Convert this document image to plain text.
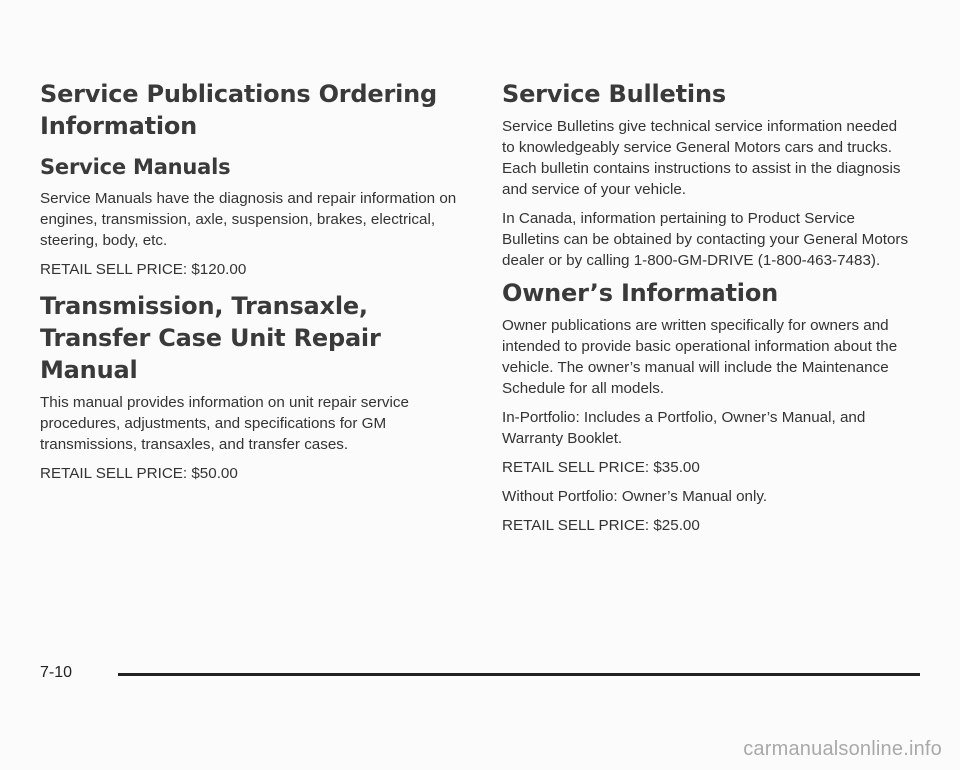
Service Publications Ordering Information
Service Manuals

Service Manuals have the diagnosis and repair information on engines, transmission, axle, suspension, brakes, electrical, steering, body, etc.

RETAIL SELL PRICE: $120.00

Transmission, Transaxle, Transfer Case Unit Repair Manual

This manual provides information on unit repair service procedures, adjustments, and specifications for GM transmissions, transaxles, and transfer cases.

RETAIL SELL PRICE: $50.00

Service Bulletins

Service Bulletins give technical service information needed to knowledgeably service General Motors cars and trucks. Each bulletin contains instructions to assist in the diagnosis and service of your vehicle.

In Canada, information pertaining to Product Service Bulletins can be obtained by contacting your General Motors dealer or by calling 1-800-GM-DRIVE (1-800-463-7483).

Owner’s Information

Owner publications are written specifically for owners and intended to provide basic operational information about the vehicle. The owner’s manual will include the Maintenance Schedule for all models.

In-Portfolio: Includes a Portfolio, Owner’s Manual, and Warranty Booklet.

RETAIL SELL PRICE: $35.00

Without Portfolio: Owner’s Manual only.

RETAIL SELL PRICE: $25.00

7-10
carmanualsonline.info
